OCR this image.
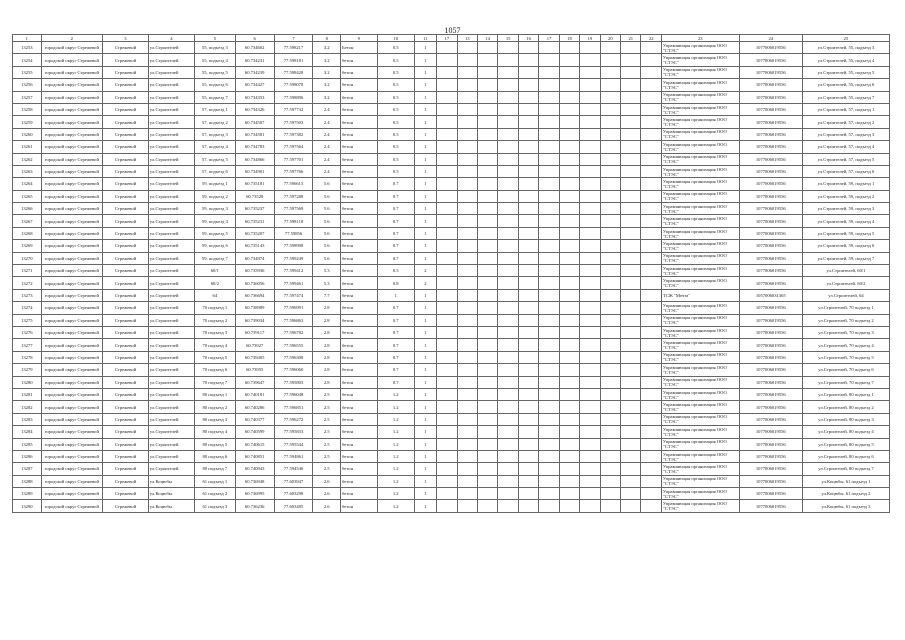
1057
1	2	3	4	5	6	7	8	9	10	11	17	13	14	15	16	17	18	19	20	21	22	23	24	25
13253	городской округ Стрежевой	Стрежевой	ул.Строителей	55, подъезд 3	60.734602	77.598217	3.2	Бетон	0.5	1												Управляющая организация ООО "СТЭС"	1077006019556	ул.Строителей, 55, подъезд 3
13254	городской округ Стрежевой	Стрежевой	ул.Строителей	55, подъезд 4	60.734231	77.598181	3.2	бетон	0.5	1												Управляющая организация ООО "СТЭС"	1077006019556	ул.Строителей, 55, подъезд 4
13255	городской округ Стрежевой	Стрежевой	ул.Строителей	55, подъезд 5	60.734239	77.598428	3.2	бетон	0.5	1												Управляющая организация ООО "СТЭС"	1077006019556	ул.Строителей, 55, подъезд 5
13256	городской округ Стрежевой	Стрежевой	ул.Строителей	55, подъезд 6	60.734427	77.598078	3.2	бетон	0.5	1												Управляющая организация ООО "СТЭС"	1077006019556	ул.Строителей, 55, подъезд 6
13257	городской округ Стрежевой	Стрежевой	ул.Строителей	55, подъезд 7	60.734353	77.598896	3.2	бетон	0.5	1												Управляющая организация ООО "СТЭС"	1077006019556	ул.Строителей, 55, подъезд 7
13258	городской округ Стрежевой	Стрежевой	ул.Строителей	57, подъезд 1	60.734326	77.597732	2.4	бетон	0.5	1												Управляющая организация ООО "СТЭС"	1077006019556	ул.Строителей, 57, подъезд 1
13259	городской округ Стрежевой	Стрежевой	ул.Строителей	57, подъезд 2	60.734507	77.597503	2.4	бетон	0.5	1												Управляющая организация ООО "СТЭС"	1077006019556	ул.Строителей, 57, подъезд 2
13260	городской округ Стрежевой	Стрежевой	ул.Строителей	57, подъезд 3	60.734581	77.597382	2.4	бетон	0.5	1												Управляющая организация ООО "СТЭС"	1077006019556	ул.Строителей, 57, подъезд 3
13261	городской округ Стрежевой	Стрежевой	ул.Строителей	57, подъезд 4	60.734783	77.597564	2.4	бетон	0.5	1												Управляющая организация ООО "СТЭС"	1077006019556	ул.Строителей, 57, подъезд 4
13262	городской округ Стрежевой	Стрежевой	ул.Строителей	57, подъезд 5	60.734866	77.597701	2.4	бетон	0.5	1												Управляющая организация ООО "СТЭС"	1077006019556	ул.Строителей, 57, подъезд 5
13263	городской округ Стрежевой	Стрежевой	ул.Строителей	57, подъезд 6	60.734901	77.597766	2.4	бетон	0.5	1												Управляющая организация ООО "СТЭС"	1077006019556	ул.Строителей, 57, подъезд 6
13264	городской округ Стрежевой	Стрежевой	ул.Строителей	59, подъезд 1	60.735181	77.596615	5.6	бетон	0.7	1												Управляющая организация ООО "СТЭС"	1077006019556	ул.Строителей, 59, подъезд 1
13265	городской округ Стрежевой	Стрежевой	ул.Строителей	59, подъезд 2	60.73528	77.597288	5.6	бетон	0.7	1												Управляющая организация ООО "СТЭС"	1077006019556	ул.Строителей, 59, подъезд 2
13266	городской округ Стрежевой	Стрежевой	ул.Строителей	59, подъезд 3	60.735237	77.597569	5.6	бетон	0.7	1												Управляющая организация ООО "СТЭС"	1077006019556	ул.Строителей, 59, подъезд 3
13267	городской округ Стрежевой	Стрежевой	ул.Строителей	59, подъезд 4	60.735231	77.598118	5.6	бетон	0.7	1												Управляющая организация ООО "СТЭС"	1077006019556	ул.Строителей, 59, подъезд 4
13268	городской округ Стрежевой	Стрежевой	ул.Строителей	59, подъезд 5	60.735207	77.59856	5.6	бетон	0.7	1												Управляющая организация ООО "СТЭС"	1077006019556	ул.Строителей, 59, подъезд 5
13269	городской округ Стрежевой	Стрежевой	ул.Строителей	59, подъезд 6	60.735143	77.598998	5.6	бетон	0.7	1												Управляющая организация ООО "СТЭС"	1077006019556	ул.Строителей, 59, подъезд 6
13270	городской округ Стрежевой	Стрежевой	ул.Строителей	59, подъезд 7	60.734974	77.599249	5.6	бетон	0.7	1												Управляющая организация ООО "СТЭС"	1077006019556	ул.Строителей, 59, подъезд 7
13271	городской округ Стрежевой	Стрежевой	ул.Строителей	60/1	60.735936	77.599412	5.3	бетон	0.5	2												Управляющая организация ООО "СТЭС"	1077006019556	ул.Строителей, 60/1
13272	городской округ Стрежевой	Стрежевой	ул.Строителей	60/2	60.736056	77.599461	5.3	бетон	0.8	2												Управляющая организация ООО "СТЭС"	1077006019556	ул.Строителей, 60/2
13273	городской округ Стрежевой	Стрежевой	ул.Строителей	64	60.736694	77.597474	7.7	бетон	1	1												ТСЖ "Мечта"	1057006031365	ул.Строителей, 64
13274	городской округ Стрежевой	Стрежевой	ул.Строителей	70 подъезд 1	60.738989	77.596991	2.8	бетон	0.7	1												Управляющая организация ООО "СТЭС"	1077006019556	ул.Строителей, 70 подъезд 1
13275	городской округ Стрежевой	Стрежевой	ул.Строителей	70 подъезд 2	60.739034	77.596863	2.8	бетон	0.7	1												Управляющая организация ООО "СТЭС"	1077006019556	ул.Строителей, 70 подъезд 2
13276	городской округ Стрежевой	Стрежевой	ул.Строителей	70 подъезд 3	60.739117	77.596782	2.8	бетон	0.7	1												Управляющая организация ООО "СТЭС"	1077006019556	ул.Строителей, 70 подъезд 3
13277	городской округ Стрежевой	Стрежевой	ул.Строителей	70 подъезд 4	60.73927	77.596555	2.8	бетон	0.7	1												Управляющая организация ООО "СТЭС"	1077006019556	ул.Строителей, 70 подъезд 4
13278	городской округ Стрежевой	Стрежевой	ул.Строителей	70 подъезд 5	60.739405	77.596308	2.8	бетон	0.7	1												Управляющая организация ООО "СТЭС"	1077006019556	ул.Строителей, 70 подъезд 5
13279	городской округ Стрежевой	Стрежевой	ул.Строителей	70 подъезд 6	60.73955	77.596060	2.8	бетон	0.7	1												Управляющая организация ООО "СТЭС"	1077006019556	ул.Строителей, 70 подъезд 6
13280	городской округ Стрежевой	Стрежевой	ул.Строителей	70 подъезд 7	60.739647	77.595803	2.8	бетон	0.7	1												Управляющая организация ООО "СТЭС"	1077006019556	ул.Строителей, 70 подъезд 7
13281	городской округ Стрежевой	Стрежевой	ул.Строителей	80 подъезд 1	60.740181	77.596048	2.5	бетон	1.2	1												Управляющая организация ООО "СТЭС"	1077006019556	ул.Строителей, 80 подъезд 1
13282	городской округ Стрежевой	Стрежевой	ул.Строителей	80 подъезд 2	60.740286	77.596851	2.5	бетон	1.2	1												Управляющая организация ООО "СТЭС"	1077006019556	ул.Строителей, 80 подъезд 2
13283	городской округ Стрежевой	Стрежевой	ул.Строителей	80 подъезд 3	60.740377	77.596272	2.5	бетон	1.2	1												Управляющая организация ООО "СТЭС"	1077006019556	ул.Строителей, 80 подъезд 3
13284	городской округ Стрежевой	Стрежевой	ул.Строителей	80 подъезд 4	60.740599	77.595833	2.5	бетон	1.2	1												Управляющая организация ООО "СТЭС"	1077006019556	ул.Строителей, 80 подъезд 4
13285	городской округ Стрежевой	Стрежевой	ул.Строителей	80 подъезд 5	60.740615	77.595544	2.5	бетон	1.2	1												Управляющая организация ООО "СТЭС"	1077006019556	ул.Строителей, 80 подъезд 5
13286	городской округ Стрежевой	Стрежевой	ул.Строителей	80 подъезд 6	60.740851	77.594861	2.5	бетон	1.2	1												Управляющая организация ООО "СТЭС"	1077006019556	ул.Строителей, 80 подъезд 6
13287	городской округ Стрежевой	Стрежевой	ул.Строителей	80 подъезд 7	60.740943	77.594546	2.5	бетон	1.2	1												Управляющая организация ООО "СТЭС"	1077006019556	ул.Строителей, 80 подъезд 7
13288	городской округ Стрежевой	Стрежевой	ул.Коцюбы	61 подъезд 1	60.736948	77.603947	2.6	бетон	1.2	1												Управляющая организация ООО "СТЭС"	1077006019556	ул.Коцюбы, 61 подъезд 1
13289	городской округ Стрежевой	Стрежевой	ул.Коцюбы	61 подъезд 2	60.736995	77.603298	2.6	бетон	1.2	1												Управляющая организация ООО "СТЭС"	1077006019556	ул.Коцюбы, 61 подъезд 2
13290	городской округ Стрежевой	Стрежевой	ул.Коцюбы	61 подъезд 3	60.736236	77.603485	2.6	бетон	1.2	1												Управляющая организация ООО "СТЭС"	1077006019556	ул.Коцюбы, 61 подъезд 3
